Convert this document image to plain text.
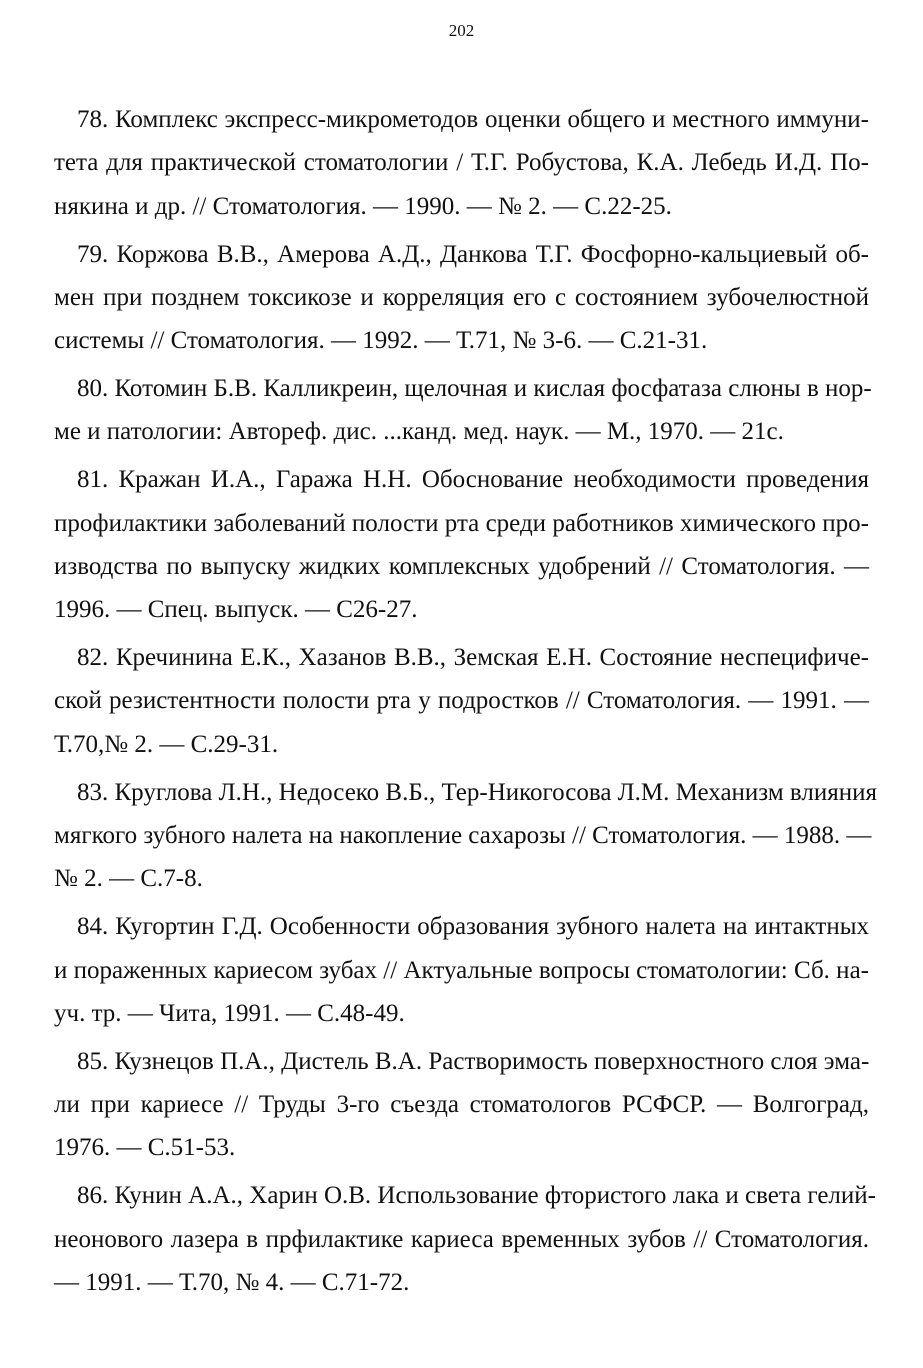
202
78. Комплекс экспресс-микрометодов оценки общего и местного иммуни-
тета для практической стоматологии / Т.Г. Робустова, К.А. Лебедь И.Д. По-
някина и др. // Стоматология. — 1990. — № 2. — С.22-25.
79. Коржова В.В., Амерова А.Д., Данкова Т.Г. Фосфорно-кальциевый об-
мен при позднем токсикозе и корреляция его с состоянием зубочелюстной
системы // Стоматология. — 1992. — Т.71, № 3-6. — С.21-31.
80. Котомин Б.В. Калликреин, щелочная и кислая фосфатаза слюны в нор-
ме и патологии: Автореф. дис. ...канд. мед. наук. — М., 1970. — 21с.
81. Кражан И.А., Гаража Н.Н. Обоснование необходимости проведения
профилактики заболеваний полости рта среди работников химического про-
изводства по выпуску жидких комплексных удобрений // Стоматология. —
1996. — Спец. выпуск. — С26-27.
82. Кречинина Е.К., Хазанов В.В., Земская Е.Н. Состояние неспецифиче-
ской резистентности полости рта у подростков // Стоматология. — 1991. —
Т.70,№ 2. — С.29-31.
83. Круглова Л.Н., Недосеко В.Б., Тер-Никогосова Л.М. Механизм влияния
мягкого зубного налета на накопление сахарозы // Стоматология. — 1988. —
№ 2. — С.7-8.
84. Кугортин Г.Д. Особенности образования зубного налета на интактных
и пораженных кариесом зубах // Актуальные вопросы стоматологии: Сб. на-
уч. тр. — Чита, 1991. — С.48-49.
85. Кузнецов П.А., Дистель В.А. Растворимость поверхностного слоя эма-
ли при кариесе // Труды 3-го съезда стоматологов РСФСР. — Волгоград,
1976. — С.51-53.
86. Кунин А.А., Харин О.В. Использование фтористого лака и света гелий-
неонового лазера в прфилактике кариеса временных зубов // Стоматология.
— 1991. — Т.70, № 4. — С.71-72.
